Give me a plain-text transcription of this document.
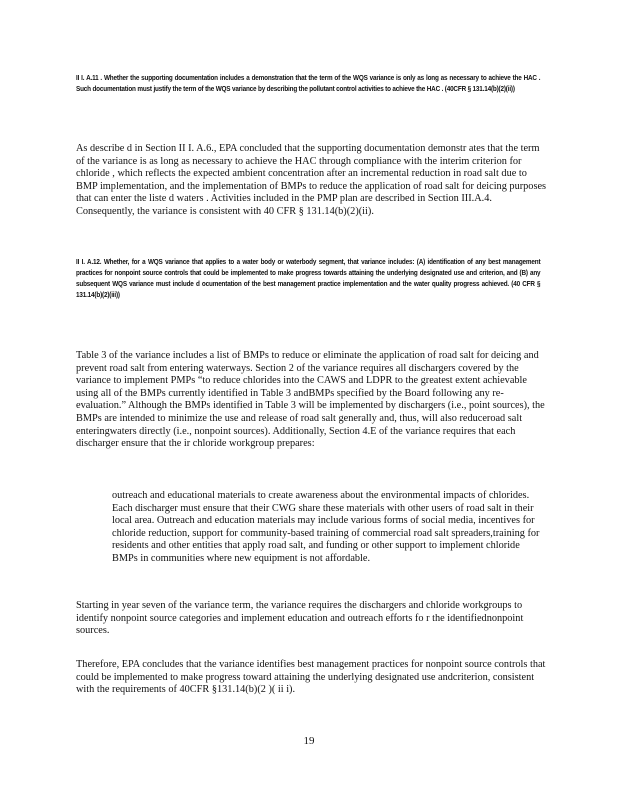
II I. A.11 . Whether the supporting documentation includes a demonstration that the term of the WQS variance is only as long as necessary to achieve the HAC . Such documentation must justify the term of the WQS variance by describing the pollutant control activities to achieve the HAC . (40CFR § 131.14(b)(2)(ii))
As describe d in Section II I. A.6., EPA concluded that the supporting documentation demonstr ates that the term of the variance is as long as necessary to achieve the HAC through compliance with the interim criterion for chloride , which reflects the expected ambient concentration after an incremental reduction in road salt due to BMP implementation, and the implementation of BMPs to reduce the application of road salt for deicing purposes that can enter the liste d waters . Activities included in the PMP plan are described in Section III.A.4. Consequently, the variance is consistent with 40 CFR § 131.14(b)(2)(ii).
II I. A.12. Whether, for a WQS variance that applies to a water body or waterbody segment, that variance includes: (A) identification of any best management practices for nonpoint source controls that could be implemented to make progress towards attaining the underlying designated use and criterion, and (B) any subsequent WQS variance must include d ocumentation of the best management practice implementation and the water quality progress achieved. (40 CFR § 131.14(b)(2)(iii))
Table 3 of the variance includes a list of BMPs to reduce or eliminate the application of road salt for deicing and prevent road salt from entering waterways. Section 2 of the variance requires all dischargers covered by the variance to implement PMPs “to reduce chlorides into the CAWS and LDPR to the greatest extent achievable using all of the BMPs currently identified in Table 3 andBMPs specified by the Board following any re-evaluation.” Although the BMPs identified in Table 3 will be implemented by dischargers (i.e., point sources), the BMPs are intended to minimize the use and release of road salt generally and, thus, will also reduceroad salt enteringwaters directly (i.e., nonpoint sources). Additionally, Section 4.E of the variance requires that each discharger ensure that the ir chloride workgroup prepares:
outreach and educational materials to create awareness about the environmental impacts of chlorides. Each discharger must ensure that their CWG share these materials with other users of road salt in their local area. Outreach and education materials may include various forms of social media, incentives for chloride reduction, support for community-based training of commercial road salt spreaders,training for residents and other entities that apply road salt, and funding or other support to implement chloride BMPs in communities where new equipment is not affordable.
Starting in year seven of the variance term, the variance requires the dischargers and chloride workgroups to identify nonpoint source categories and implement education and outreach efforts fo r the identifiednonpoint sources.
Therefore, EPA concludes that the variance identifies best management practices for nonpoint source controls that could be implemented to make progress toward attaining the underlying designated use andcriterion, consistent with the requirements of 40CFR §131.14(b)(2 )( ii i).
19
